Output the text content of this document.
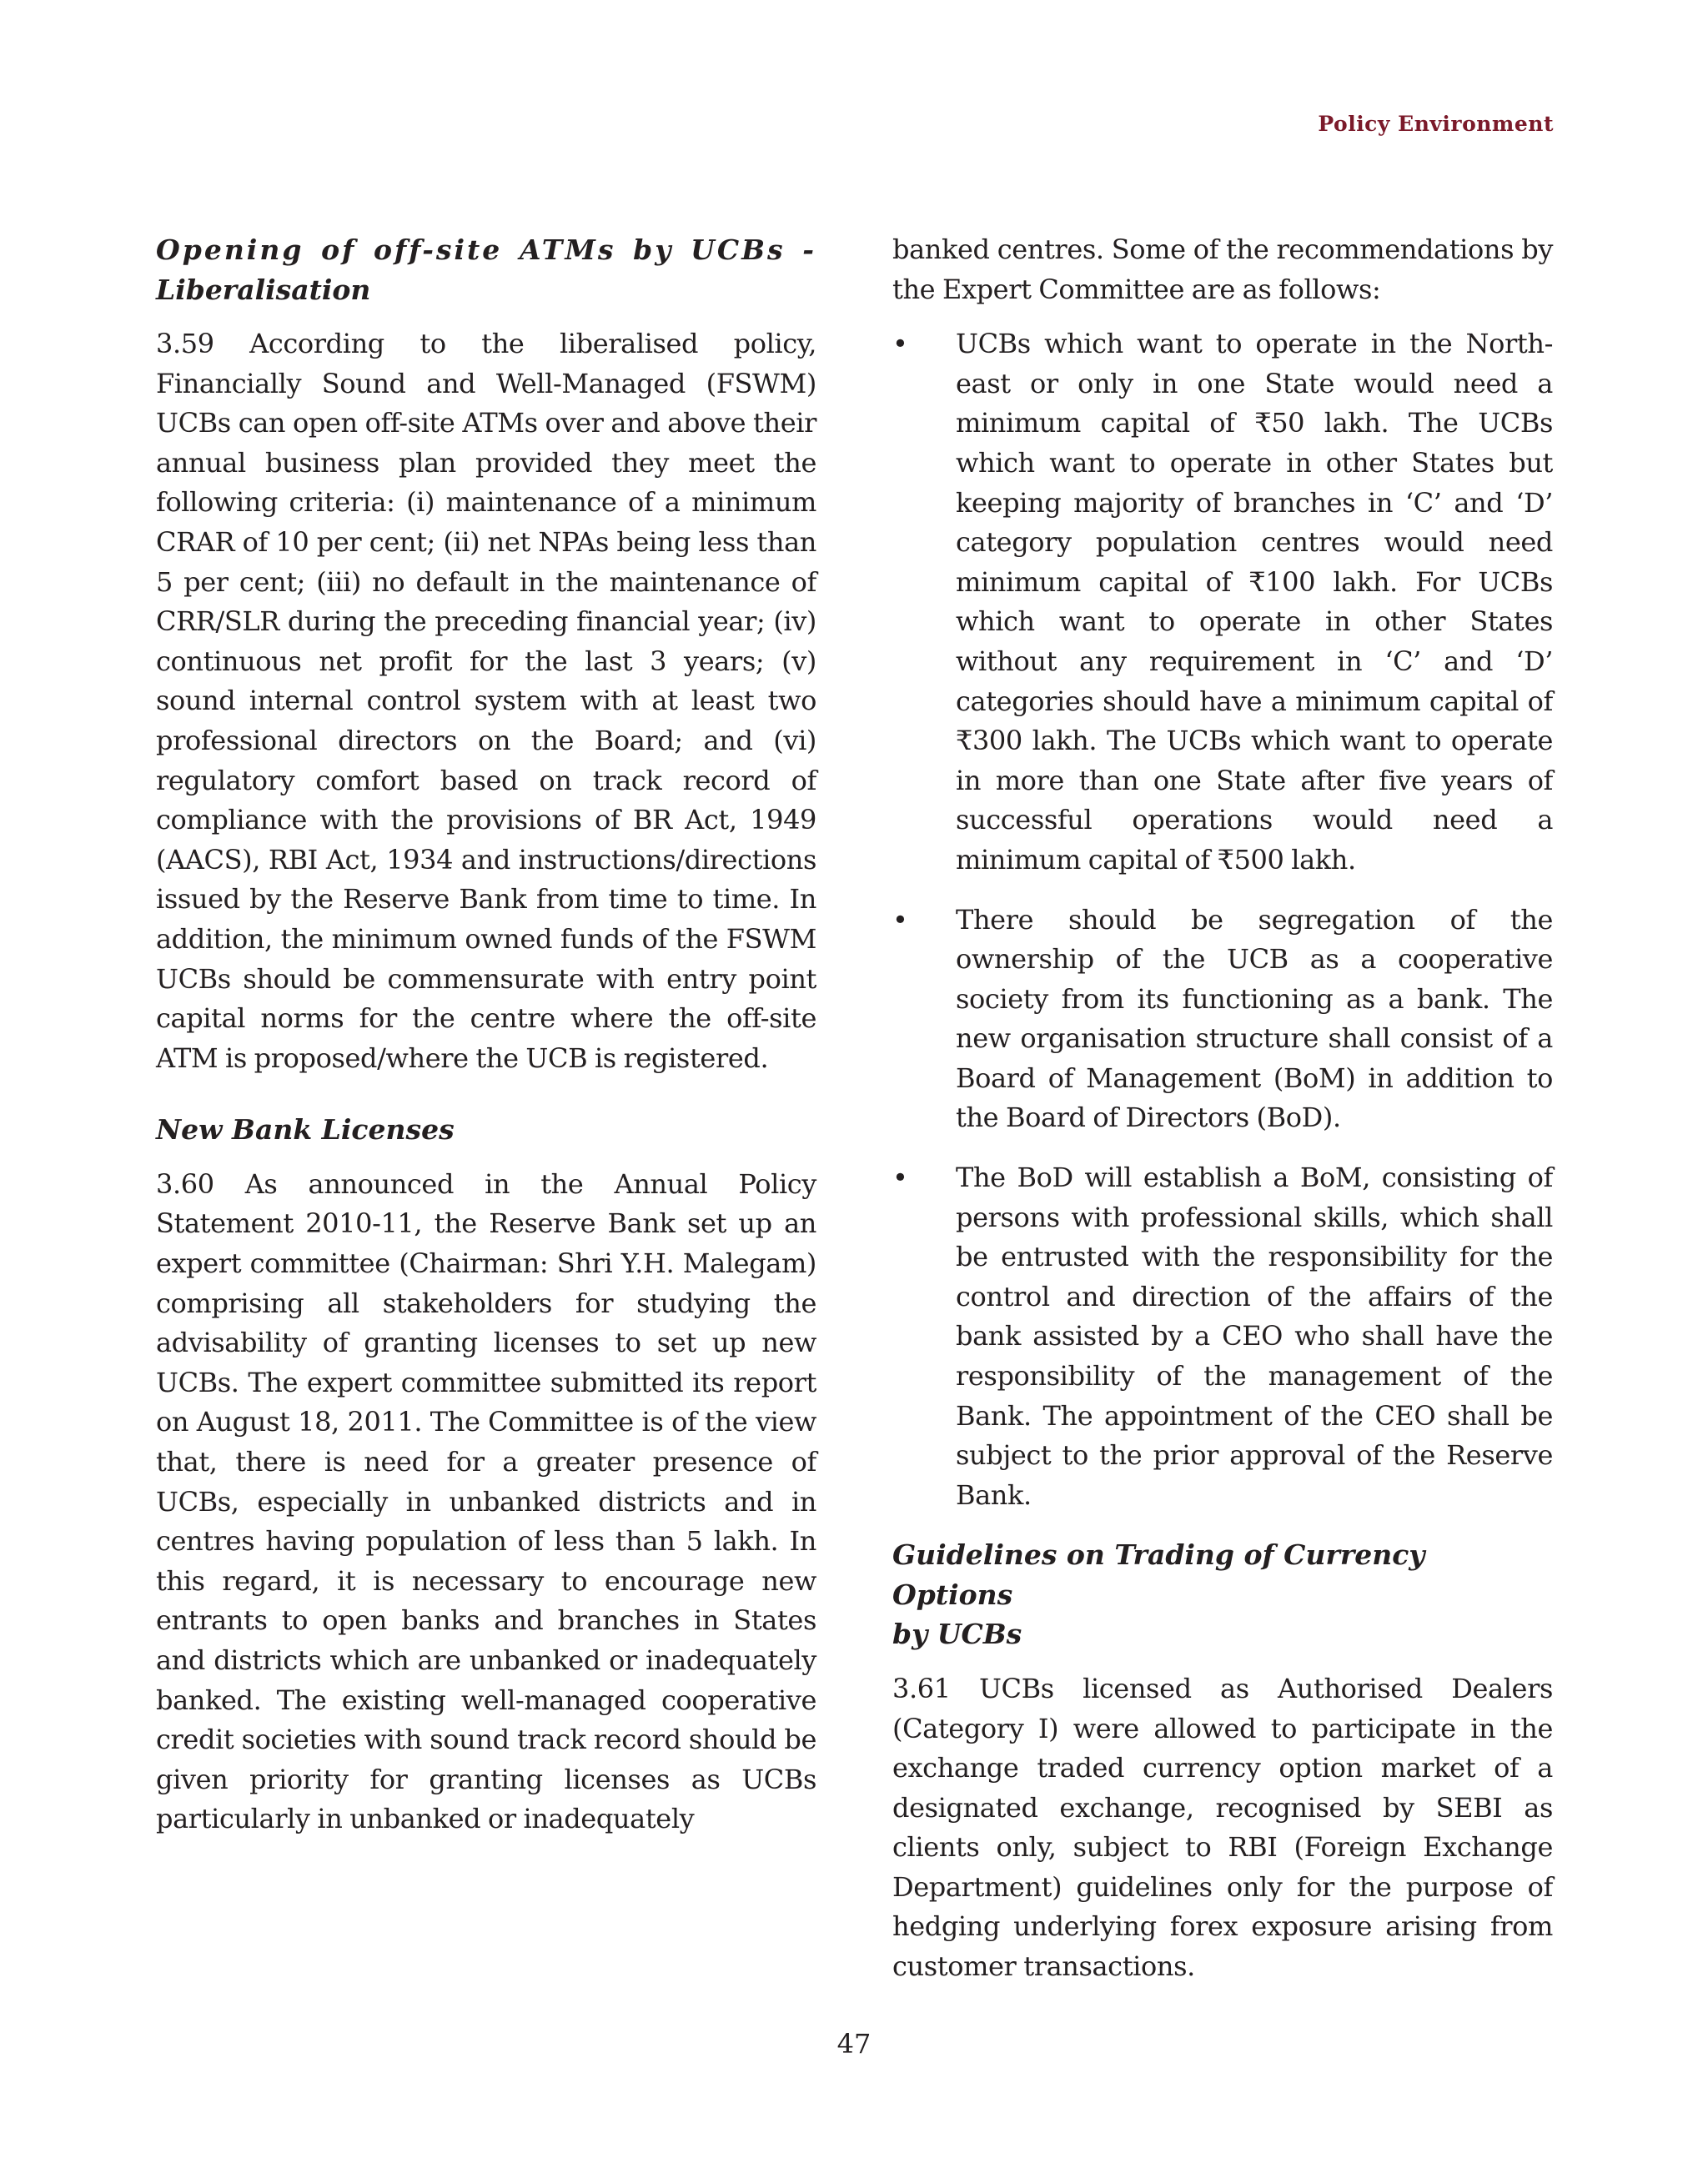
Policy Environment
Opening of off-site ATMs by UCBs -
Liberalisation

3.59 According to the liberalised policy, Financially Sound and Well-Managed (FSWM) UCBs can open off-site ATMs over and above their annual business plan provided they meet the following criteria: (i) maintenance of a minimum CRAR of 10 per cent; (ii) net NPAs being less than 5 per cent; (iii) no default in the maintenance of CRR/SLR during the preceding financial year; (iv) continuous net profit for the last 3 years; (v) sound internal control system with at least two professional directors on the Board; and (vi) regulatory comfort based on track record of compliance with the provisions of BR Act, 1949 (AACS), RBI Act, 1934 and instructions/directions issued by the Reserve Bank from time to time. In addition, the minimum owned funds of the FSWM UCBs should be commensurate with entry point capital norms for the centre where the off-site ATM is proposed/where the UCB is registered.

New Bank Licenses

3.60 As announced in the Annual Policy Statement 2010-11, the Reserve Bank set up an expert committee (Chairman: Shri Y.H. Malegam) comprising all stakeholders for studying the advisability of granting licenses to set up new UCBs. The expert committee submitted its report on August 18, 2011. The Committee is of the view that, there is need for a greater presence of UCBs, especially in unbanked districts and in centres having population of less than 5 lakh. In this regard, it is necessary to encourage new entrants to open banks and branches in States and districts which are unbanked or inadequately banked. The existing well-managed cooperative credit societies with sound track record should be given priority for granting licenses as UCBs particularly in unbanked or inadequately

banked centres. Some of the recommendations by the Expert Committee are as follows:

• UCBs which want to operate in the North-east or only in one State would need a minimum capital of ₹50 lakh. The UCBs which want to operate in other States but keeping majority of branches in ‘C’ and ‘D’ category population centres would need minimum capital of ₹100 lakh. For UCBs which want to operate in other States without any requirement in ‘C’ and ‘D’ categories should have a minimum capital of ₹300 lakh. The UCBs which want to operate in more than one State after five years of successful operations would need a minimum capital of ₹500 lakh.

• There should be segregation of the ownership of the UCB as a cooperative society from its functioning as a bank. The new organisation structure shall consist of a Board of Management (BoM) in addition to the Board of Directors (BoD).

• The BoD will establish a BoM, consisting of persons with professional skills, which shall be entrusted with the responsibility for the control and direction of the affairs of the bank assisted by a CEO who shall have the responsibility of the management of the Bank. The appointment of the CEO shall be subject to the prior approval of the Reserve Bank.

Guidelines on Trading of Currency Options
by UCBs

3.61 UCBs licensed as Authorised Dealers (Category I) were allowed to participate in the exchange traded currency option market of a designated exchange, recognised by SEBI as clients only, subject to RBI (Foreign Exchange Department) guidelines only for the purpose of hedging underlying forex exposure arising from customer transactions.

47
